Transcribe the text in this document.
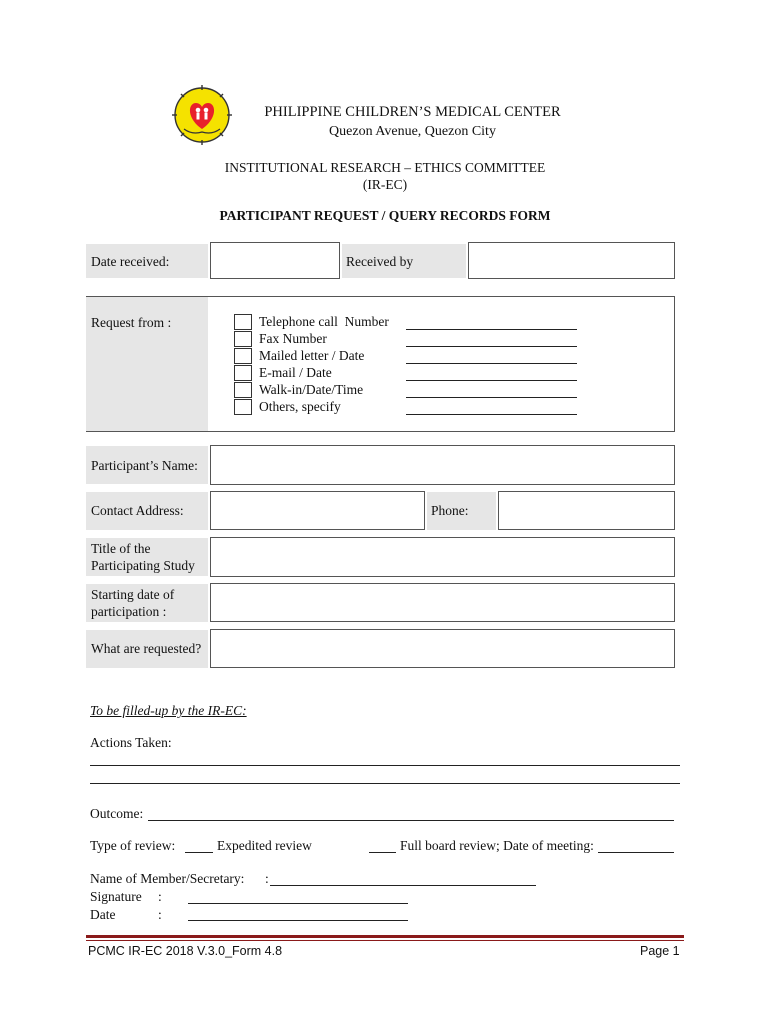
PHILIPPINE CHILDREN’S MEDICAL CENTER
Quezon Avenue, Quezon City
INSTITUTIONAL RESEARCH – ETHICS COMMITTEE
(IR-EC)
PARTICIPANT REQUEST / QUERY RECORDS FORM
Date received:	Received by
Request from :	Telephone call  Number
Fax Number
Mailed letter / Date
E-mail / Date
Walk-in/Date/Time
Others, specify
Participant’s Name:
Contact Address:	Phone:
Title of the
Participating Study
Starting date of
participation :
What are requested?
To be filled-up by the IR-EC:
Actions Taken:
Outcome:
Type of review:	Expedited review	Full board review; Date of meeting:
Name of Member/Secretary: :
Signature :
Date	:
PCMC IR-EC 2018 V.3.0_Form 4.8	Page 1
